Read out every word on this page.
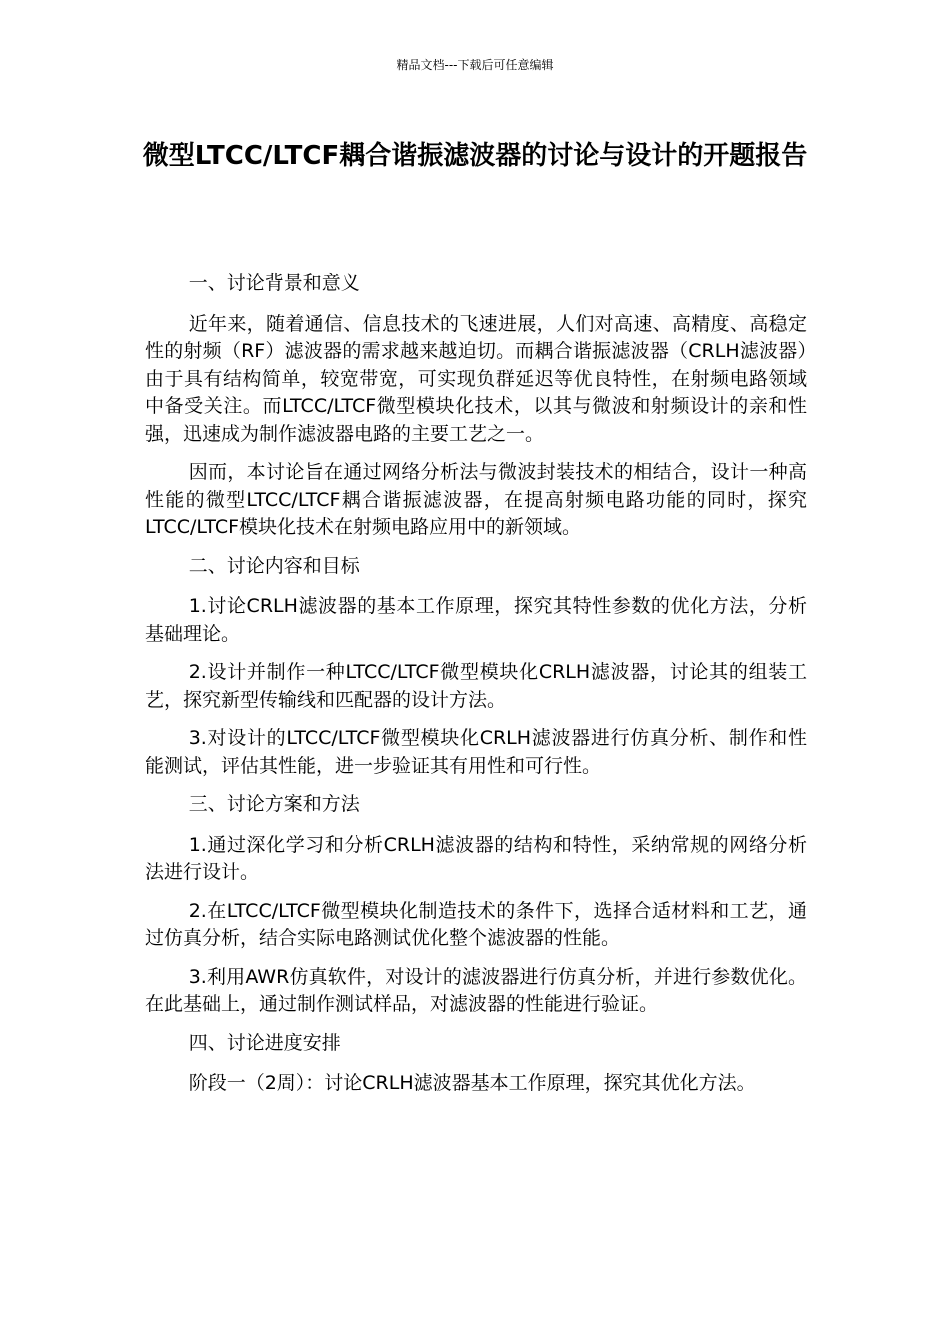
精品文档---下载后可任意编辑
微型LTCC/LTCF耦合谐振滤波器的讨论与设计的开题报告

一、讨论背景和意义

近年来，随着通信、信息技术的飞速进展，人们对高速、高精度、高稳定性的射频（RF）滤波器的需求越来越迫切。而耦合谐振滤波器（CRLH滤波器）由于具有结构简单，较宽带宽，可实现负群延迟等优良特性，在射频电路领域中备受关注。而LTCC/LTCF微型模块化技术，以其与微波和射频设计的亲和性强，迅速成为制作滤波器电路的主要工艺之一。

因而，本讨论旨在通过网络分析法与微波封装技术的相结合，设计一种高性能的微型LTCC/LTCF耦合谐振滤波器，在提高射频电路功能的同时，探究LTCC/LTCF模块化技术在射频电路应用中的新领域。

二、讨论内容和目标

1.讨论CRLH滤波器的基本工作原理，探究其特性参数的优化方法，分析基础理论。

2.设计并制作一种LTCC/LTCF微型模块化CRLH滤波器，讨论其的组装工艺，探究新型传输线和匹配器的设计方法。

3.对设计的LTCC/LTCF微型模块化CRLH滤波器进行仿真分析、制作和性能测试，评估其性能，进一步验证其有用性和可行性。

三、讨论方案和方法

1.通过深化学习和分析CRLH滤波器的结构和特性，采纳常规的网络分析法进行设计。

2.在LTCC/LTCF微型模块化制造技术的条件下，选择合适材料和工艺，通过仿真分析，结合实际电路测试优化整个滤波器的性能。

3.利用AWR仿真软件，对设计的滤波器进行仿真分析，并进行参数优化。在此基础上，通过制作测试样品，对滤波器的性能进行验证。

四、讨论进度安排

阶段一（2周）：讨论CRLH滤波器基本工作原理，探究其优化方法。
